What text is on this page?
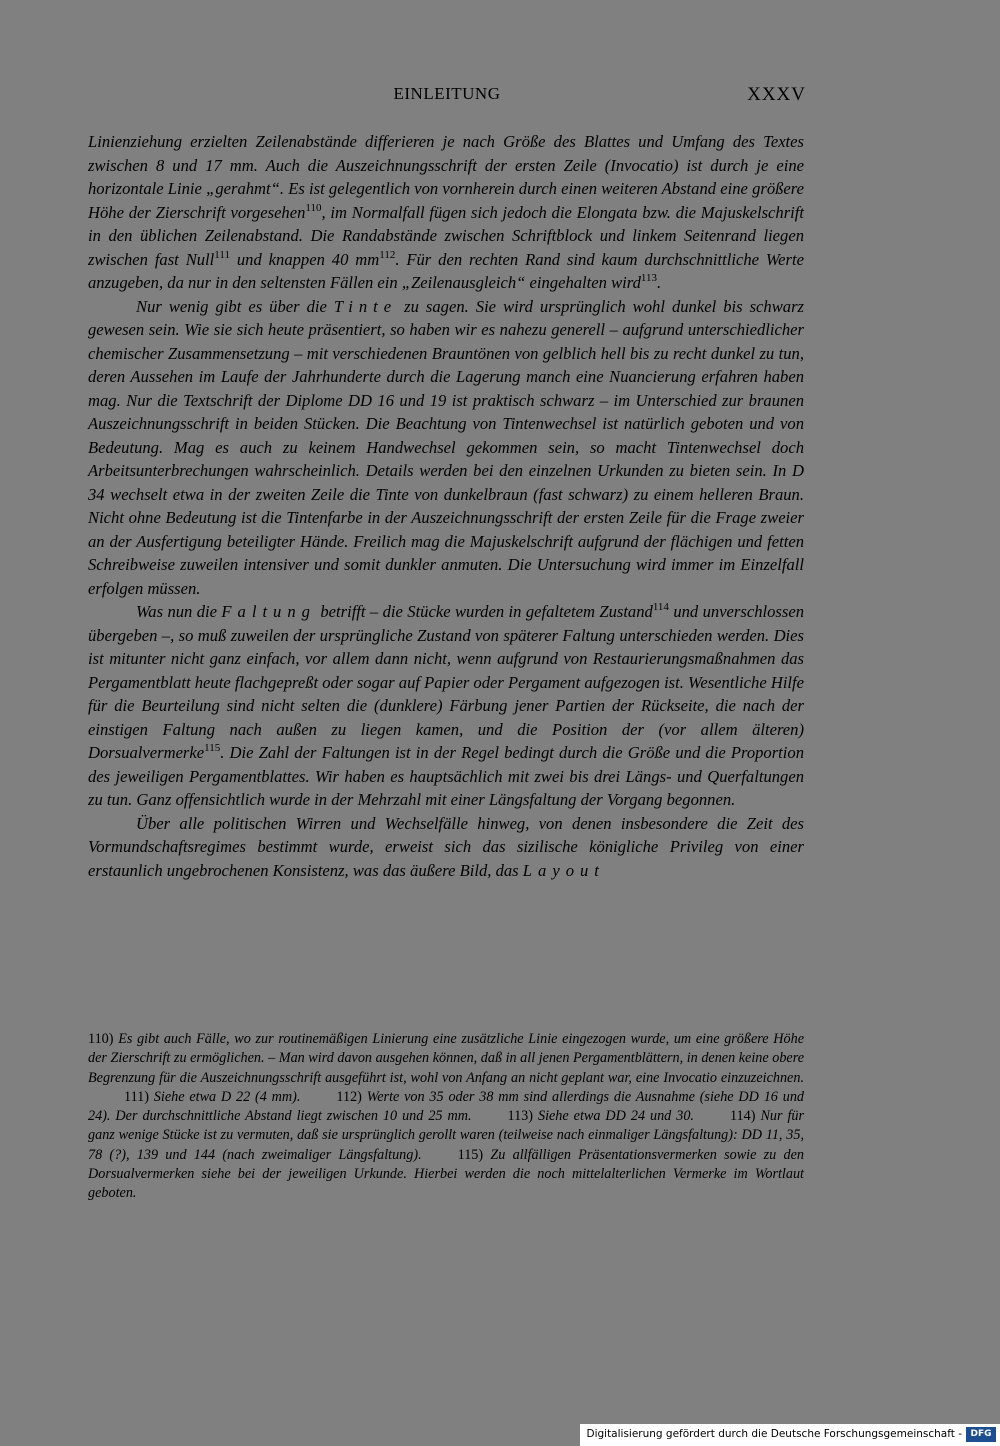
EINLEITUNG	XXXV

Linienziehung erzielten Zeilenabstände differieren je nach Größe des Blattes und Umfang des Textes zwischen 8 und 17 mm. Auch die Auszeichnungsschrift der ersten Zeile (Invocatio) ist durch je eine horizontale Linie „gerahmt“. Es ist gelegentlich von vornherein durch einen weiteren Abstand eine größere Höhe der Zierschrift vorgesehen$^{110}$, im Normalfall fügen sich jedoch die Elongata bzw. die Majuskelschrift in den üblichen Zeilenabstand. Die Randabstände zwischen Schriftblock und linkem Seitenrand liegen zwischen fast Null$^{111}$ und knappen 40 $mm^{112}$. Für den rechten Rand sind kaum durchschnittliche Werte anzugeben, da nur in den seltensten Fällen ein „Zeilenausgleich“ eingehalten wird$^{113}$.

Nur wenig gibt es über die Tinte zu sagen. Sie wird ursprünglich wohl dunkel bis schwarz gewesen sein. Wie sie sich heute präsentiert, so haben wir es nahezu generell – aufgrund unterschiedlicher chemischer Zusammensetzung – mit verschiedenen Brauntönen von gelblich hell bis zu recht dunkel zu tun, deren Aussehen im Laufe der Jahrhunderte durch die Lagerung manch eine Nuancierung erfahren haben mag. Nur die Textschrift der Diplome DD 16 und 19 ist praktisch schwarz – im Unterschied zur braunen Auszeichnungsschrift in beiden Stücken. Die Beachtung von Tintenwechsel ist natürlich geboten und von Bedeutung. Mag es auch zu keinem Handwechsel gekommen sein, so macht Tintenwechsel doch Arbeitsunterbrechungen wahrscheinlich. Details werden bei den einzelnen Urkunden zu bieten sein. In D 34 wechselt etwa in der zweiten Zeile die Tinte von dunkelbraun (fast schwarz) zu einem helleren Braun. Nicht ohne Bedeutung ist die Tintenfarbe in der Auszeichnungsschrift der ersten Zeile für die Frage zweier an der Ausfertigung beteiligter Hände. Freilich mag die Majuskelschrift aufgrund der flächigen und fetten Schreibweise zuweilen intensiver und somit dunkler anmuten. Die Untersuchung wird immer im Einzelfall erfolgen müssen.

Was nun die Faltung betrifft – die Stücke wurden in gefaltetem Zustand$^{114}$ und unverschlossen übergeben –, so muß zuweilen der ursprüngliche Zustand von späterer Faltung unterschieden werden. Dies ist mitunter nicht ganz einfach, vor allem dann nicht, wenn aufgrund von Restaurierungsmaßnahmen das Pergamentblatt heute flachgepreßt oder sogar auf Papier oder Pergament aufgezogen ist. Wesentliche Hilfe für die Beurteilung sind nicht selten die (dunklere) Färbung jener Partien der Rückseite, die nach der einstigen Faltung nach außen zu liegen kamen, und die Position der (vor allem älteren) Dorsualvermerke$^{115}$. Die Zahl der Faltungen ist in der Regel bedingt durch die Größe und die Proportion des jeweiligen Pergamentblattes. Wir haben es hauptsächlich mit zwei bis drei Längs- und Querfaltungen zu tun. Ganz offensichtlich wurde in der Mehrzahl mit einer Längsfaltung der Vorgang begonnen.

Über alle politischen Wirren und Wechselfälle hinweg, von denen insbesondere die Zeit des Vormundschaftsregimes bestimmt wurde, erweist sich das sizilische königliche Privileg von einer erstaunlich ungebrochenen Konsistenz, was das äußere Bild, das Layout

110) Es gibt auch Fälle, wo zur routinemäßigen Linierung eine zusätzliche Linie eingezogen wurde, um eine größere Höhe der Zierschrift zu ermöglichen. – Man wird davon ausgehen können, daß in all jenen Pergamentblättern, in denen keine obere Begrenzung für die Auszeichnungsschrift ausgeführt ist, wohl von Anfang an nicht geplant war, eine Invocatio einzuzeichnen.111) Siehe etwa D 22 (4 mm).	112) Werte von 35 oder 38 mm sind allerdings die Ausnahme (siehe DD 16 und 24). Der durchschnittliche Abstand liegt zwischen 10 und 25 mm.	113) Siehe etwa DD 24 und 30.	114) Nur für ganz wenige Stücke ist zu vermuten, daß sie ursprünglich gerollt waren (teilweise nach einmaliger Längsfaltung): DD 11, 35, 78 (?), 139 und 144 (nach zweimaliger Längsfaltung).	115) Zu allfälligen Präsentationsvermerken sowie zu den Dorsualvermerken siehe bei der jeweiligen Urkunde. Hierbei werden die noch mittelalterlichen Vermerke im Wortlaut geboten.
Digitalisierung gefördert durch die Deutsche Forschungsgemeinschaft - DFG
